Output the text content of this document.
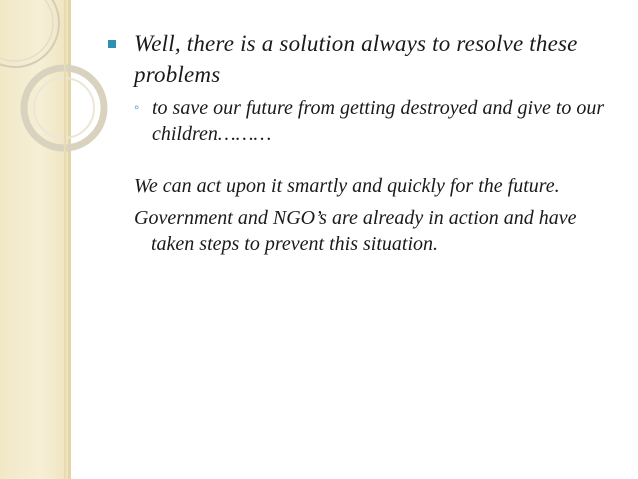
Well, there is a solution always to resolve these problems

◦ to save our future from getting destroyed and give to our children………

We can act upon it smartly and quickly for the future.

Government and NGO’s are already in action and have taken steps to prevent this situation.
